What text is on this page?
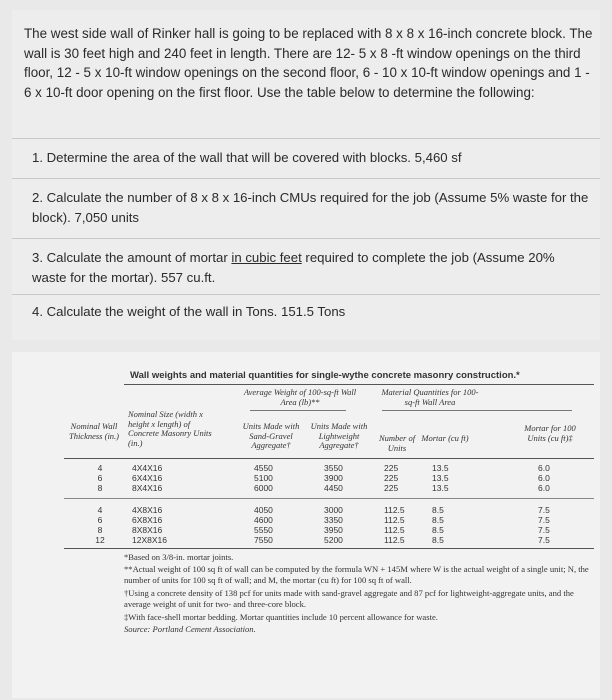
The west side wall of Rinker hall is going to be replaced with 8 x 8 x 16-inch concrete block. The wall is 30 feet high and 240 feet in length. There are 12- 5 x 8 -ft window openings on the third floor, 12 - 5 x 10-ft window openings on the second floor, 6 - 10 x 10-ft window openings and 1 - 6 x 10-ft door opening on the first floor. Use the table below to determine the following:

1. Determine the area of the wall that will be covered with blocks. 5,460 sf

2. Calculate the number of 8 x 8 x 16-inch CMUs required for the job (Assume 5% waste for the block). 7,050 units

3. Calculate the amount of mortar in cubic feet required to complete the job (Assume 20% waste for the mortar). 557 cu.ft.

4. Calculate the weight of the wall in Tons. 151.5 Tons

Wall weights and material quantities for single-wythe concrete masonry construction.*
Average Weight of 100-sq-ft Wall Area (lb)**
Material Quantities for 100-sq-ft Wall Area
Nominal Wall Thickness (in.)
Nominal Size (width x height x length) of Concrete Masonry Units (in.)
Units Made with Sand-Gravel Aggregate†
Units Made with Lightweight Aggregate†
Number of Units
Mortar (cu ft)
Mortar for 100 Units (cu ft)‡
4	4X4X16	4550	3550	225	13.5	6.0
6	6X4X16	5100	3900	225	13.5	6.0
8	8X4X16	6000	4450	225	13.5	6.0
4	4X8X16	4050	3000	112.5	8.5	7.5
6	6X8X16	4600	3350	112.5	8.5	7.5
8	8X8X16	5550	3950	112.5	8.5	7.5
12	12X8X16	7550	5200	112.5	8.5	7.5
*Based on 3/8-in. mortar joints.
**Actual weight of 100 sq ft of wall can be computed by the formula WN + 145M where W is the actual weight of a single unit; N, the number of units for 100 sq ft of wall; and M, the mortar (cu ft) for 100 sq ft of wall.
†Using a concrete density of 138 pcf for units made with sand-gravel aggregate and 87 pcf for lightweight-aggregate units, and the average weight of unit for two- and three-core block.
‡With face-shell mortar bedding. Mortar quantities include 10 percent allowance for waste.
Source: Portland Cement Association.
